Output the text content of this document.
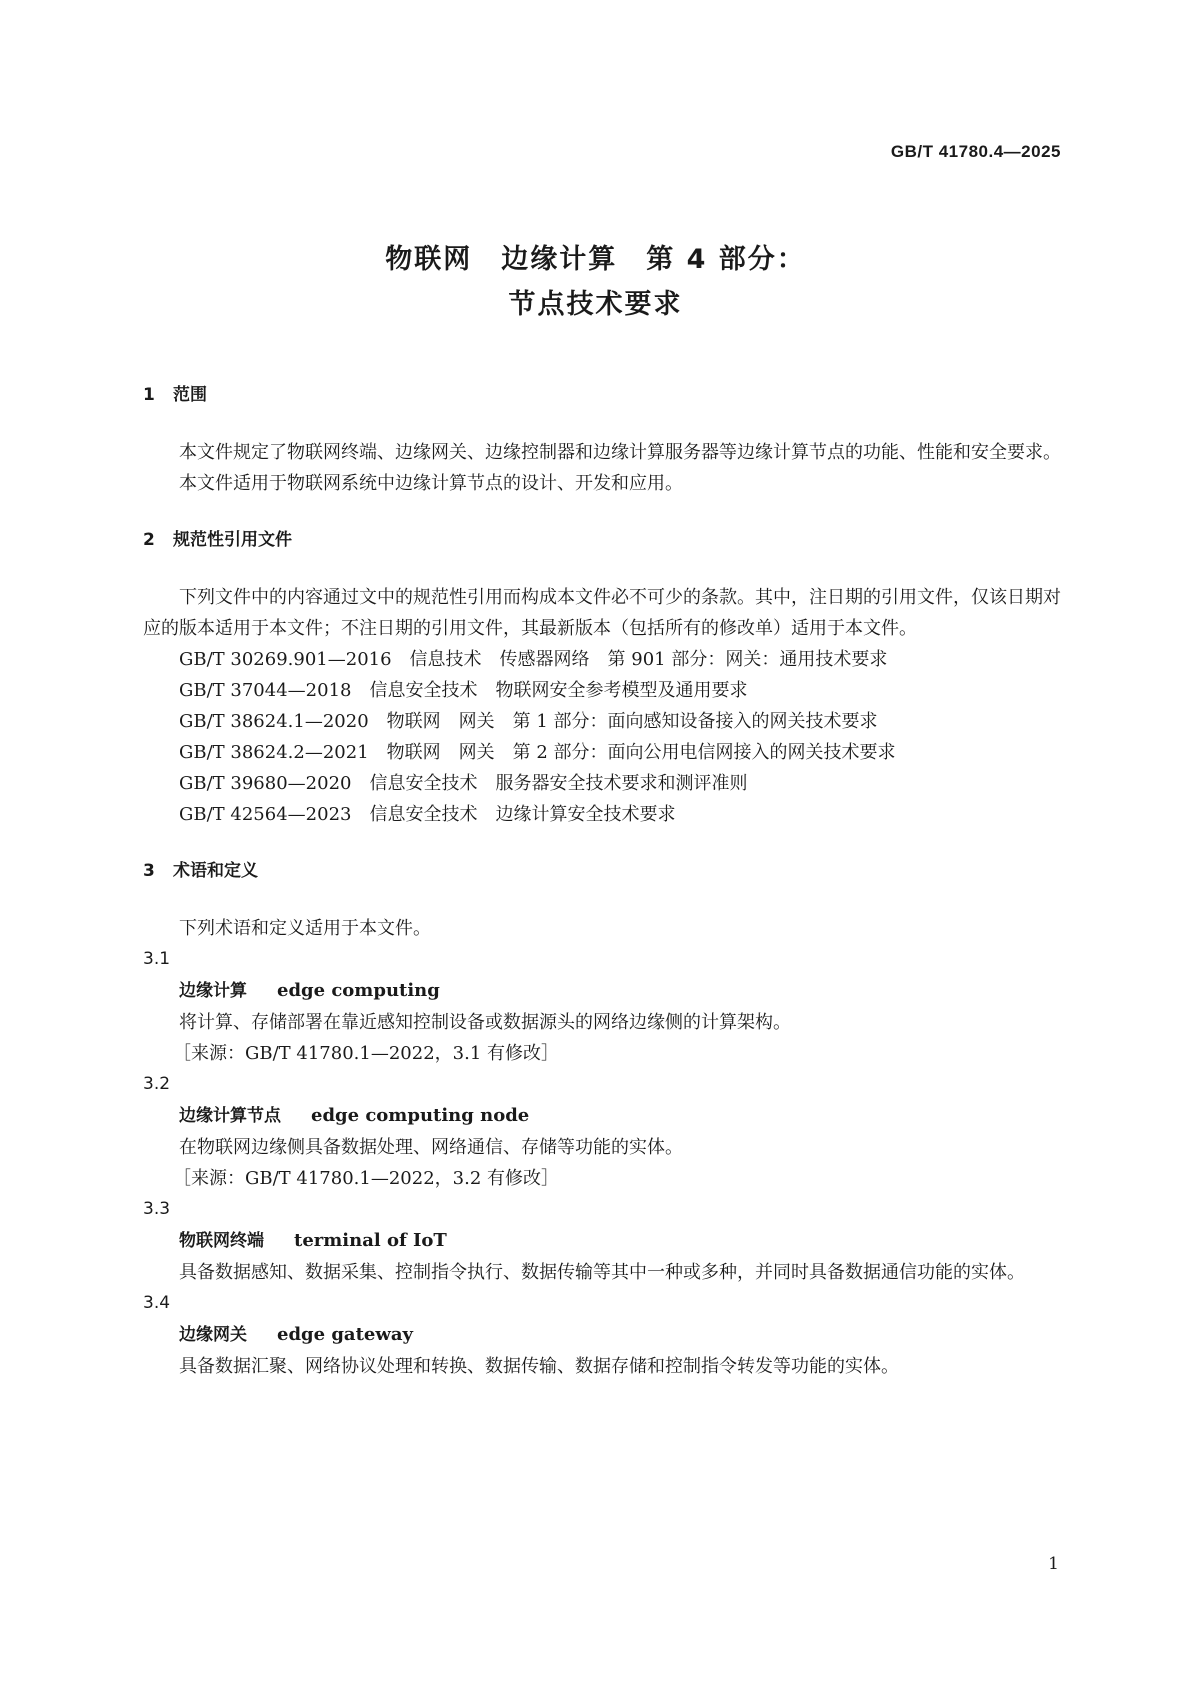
GB/T 41780.4—2025
物联网　边缘计算　第 4 部分：
节点技术要求
1 范围

本文件规定了物联网终端、边缘网关、边缘控制器和边缘计算服务器等边缘计算节点的功能、性能和安全要求。

本文件适用于物联网系统中边缘计算节点的设计、开发和应用。

2 规范性引用文件

下列文件中的内容通过文中的规范性引用而构成本文件必不可少的条款。其中，注日期的引用文件，仅该日期对应的版本适用于本文件；不注日期的引用文件，其最新版本（包括所有的修改单）适用于本文件。

GB/T 30269.901—2016 信息技术　传感器网络　第 901 部分：网关：通用技术要求
GB/T 37044—2018 信息安全技术　物联网安全参考模型及通用要求
GB/T 38624.1—2020 物联网　网关　第 1 部分：面向感知设备接入的网关技术要求
GB/T 38624.2—2021 物联网　网关　第 2 部分：面向公用电信网接入的网关技术要求
GB/T 39680—2020 信息安全技术　服务器安全技术要求和测评准则
GB/T 42564—2023 信息安全技术　边缘计算安全技术要求
3 术语和定义

下列术语和定义适用于本文件。

3.1
边缘计算 edge computing

将计算、存储部署在靠近感知控制设备或数据源头的网络边缘侧的计算架构。

［来源：GB/T 41780.1—2022，3.1 有修改］

3.2
边缘计算节点 edge computing node

在物联网边缘侧具备数据处理、网络通信、存储等功能的实体。

［来源：GB/T 41780.1—2022，3.2 有修改］

3.3
物联网终端 terminal of IoT

具备数据感知、数据采集、控制指令执行、数据传输等其中一种或多种，并同时具备数据通信功能的实体。

3.4
边缘网关 edge gateway

具备数据汇聚、网络协议处理和转换、数据传输、数据存储和控制指令转发等功能的实体。

1
